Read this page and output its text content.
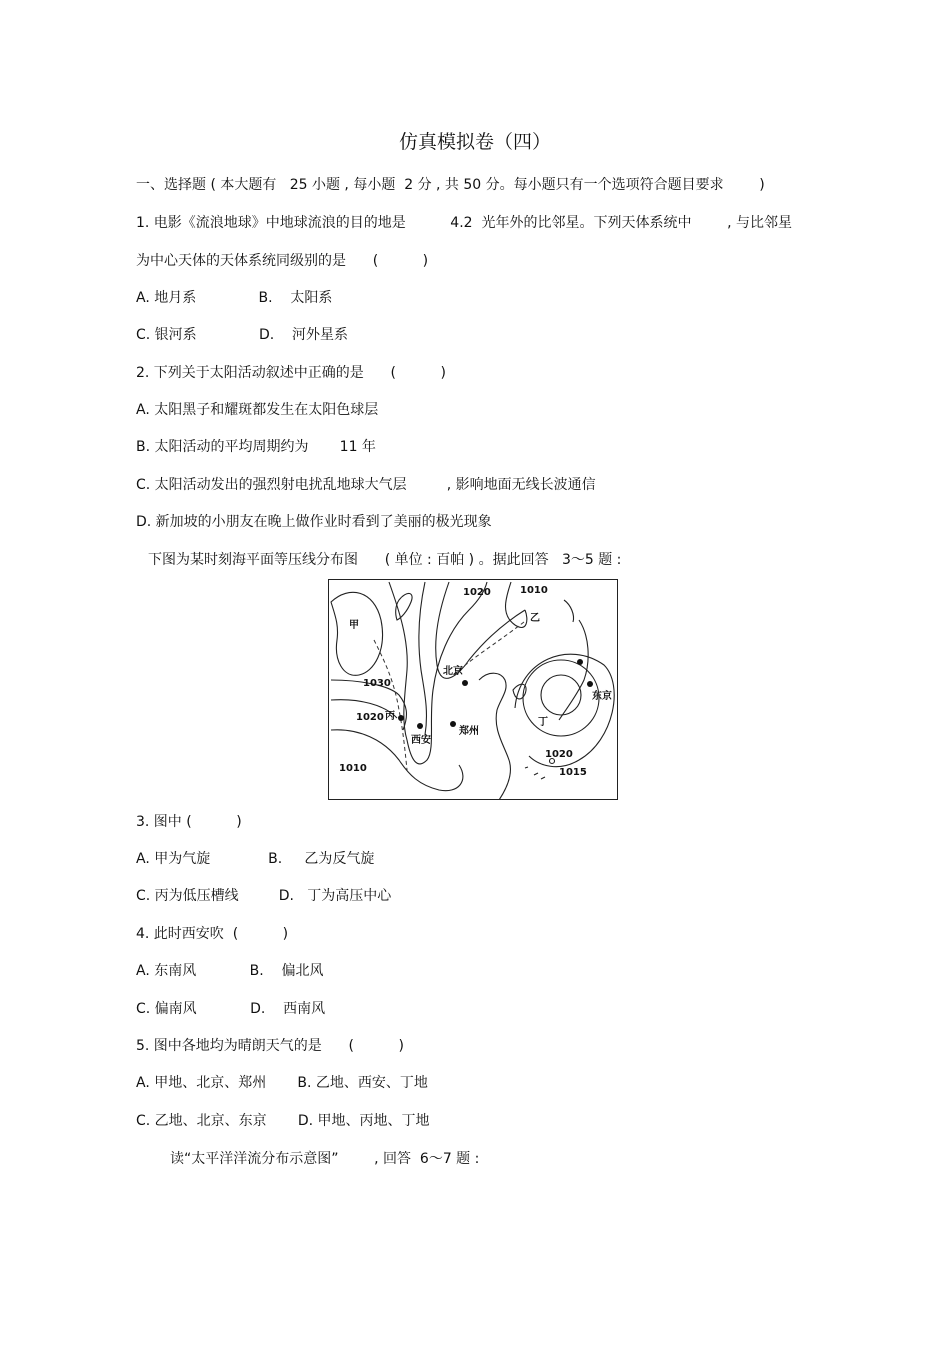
仿真模拟卷（四）
一、选择题 ( 本大题有   25 小题 , 每小题  2 分 , 共 50 分。每小题只有一个选项符合题目要求        )
1. 电影《流浪地球》中地球流浪的目的地是          4.2  光年外的比邻星。下列天体系统中        , 与比邻星
为中心天体的天体系统同级别的是      (          )
A. 地月系              B.    太阳系
C. 银河系              D.    河外星系
2. 下列关于太阳活动叙述中正确的是      (          )
A. 太阳黑子和耀斑都发生在太阳色球层
B. 太阳活动的平均周期约为       11 年
C. 太阳活动发出的强烈射电扰乱地球大气层         , 影响地面无线长波通信
D. 新加坡的小朋友在晚上做作业时看到了美丽的极光现象
下图为某时刻海平面等压线分布图      ( 单位 : 百帕 ) 。据此回答   3～5 题 :
甲
乙
丙
丁
北京
西安
郑州
东京
1020	1010
1030
1020
1010
1020
1015
3. 图中 (          )
A. 甲为气旋             B.     乙为反气旋
C. 丙为低压槽线         D.   丁为高压中心
4. 此时西安吹  (          )
A. 东南风            B.    偏北风
C. 偏南风            D.    西南风
5. 图中各地均为晴朗天气的是      (          )
A. 甲地、北京、郑州       B. 乙地、西安、丁地
C. 乙地、北京、东京       D. 甲地、丙地、丁地
读“太平洋洋流分布示意图”        , 回答  6～7 题 :
